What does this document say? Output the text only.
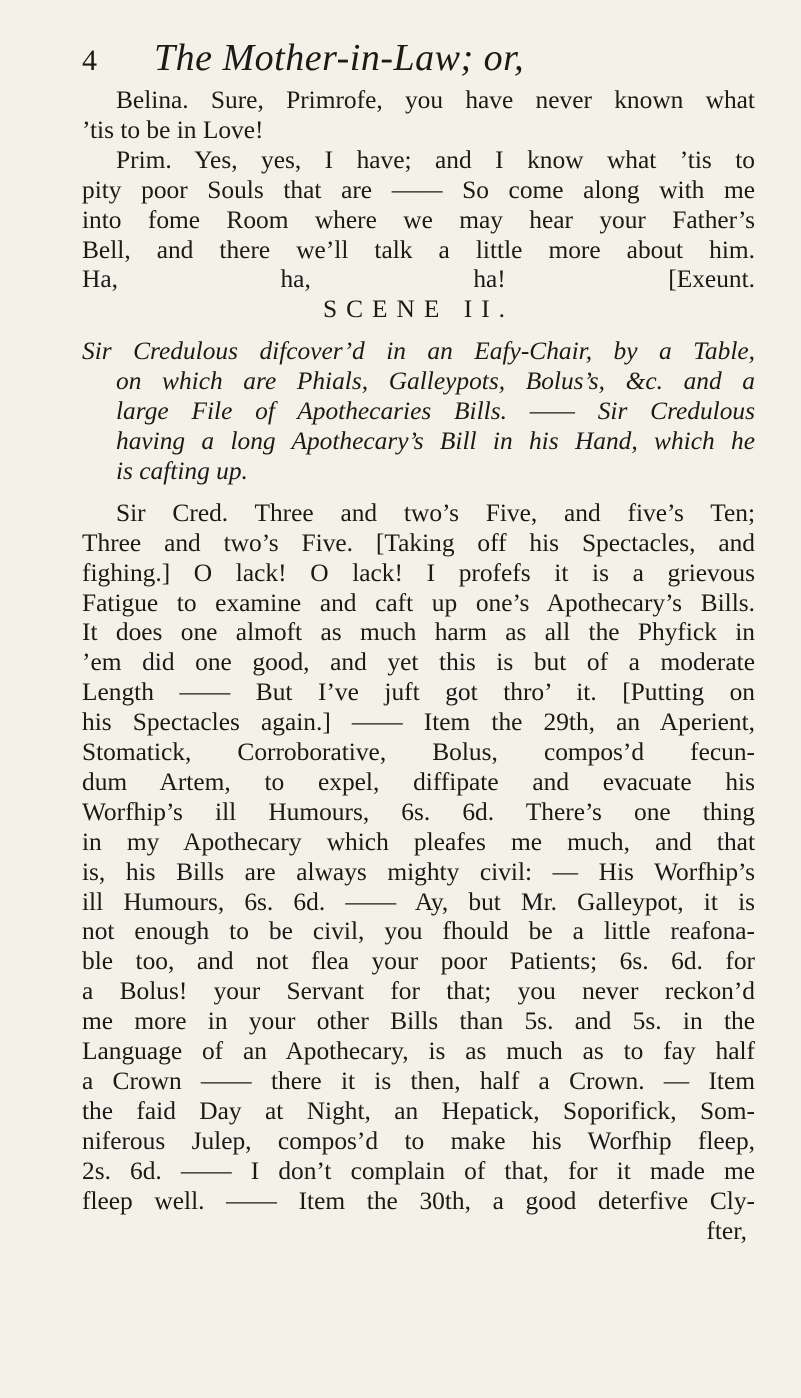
4	The Mother-in-Law; or,
Belina. Sure, Primrofe, you have never known what
’tis to be in Love!
Prim. Yes, yes, I have; and I know what ’tis to
pity poor Souls that are —— So come along with me
into fome Room where we may hear your Father’s
Bell, and there we’ll talk a little more about him.
Ha, ha, ha! [Exeunt.
SCENE II.
Sir Credulous difcover’d in an Eafy-Chair, by a Table,
on which are Phials, Galleypots, Bolus’s, &c. and a
large File of Apothecaries Bills. —— Sir Credulous
having a long Apothecary’s Bill in his Hand, which he
is cafting up.
Sir Cred. Three and two’s Five, and five’s Ten;
Three and two’s Five. [Taking off his Spectacles, and
fighing.] O lack! O lack! I profefs it is a grievous
Fatigue to examine and caft up one’s Apothecary’s Bills.
It does one almoft as much harm as all the Phyfick in
’em did one good, and yet this is but of a moderate
Length —— But I’ve juft got thro’ it. [Putting on
his Spectacles again.] —— Item the 29th, an Aperient,
Stomatick, Corroborative, Bolus, compos’d fecun-
dum Artem, to expel, diffipate and evacuate his
Worfhip’s ill Humours, 6s. 6d. There’s one thing
in my Apothecary which pleafes me much, and that
is, his Bills are always mighty civil: — His Worfhip’s
ill Humours, 6s. 6d. —— Ay, but Mr. Galleypot, it is
not enough to be civil, you fhould be a little reafona-
ble too, and not flea your poor Patients; 6s. 6d. for
a Bolus! your Servant for that; you never reckon’d
me more in your other Bills than 5s. and 5s. in the
Language of an Apothecary, is as much as to fay half
a Crown —— there it is then, half a Crown. — Item
the faid Day at Night, an Hepatick, Soporifick, Som-
niferous Julep, compos’d to make his Worfhip fleep,
2s. 6d. —— I don’t complain of that, for it made me
fleep well. —— Item the 30th, a good deterfive Cly-
fter,
